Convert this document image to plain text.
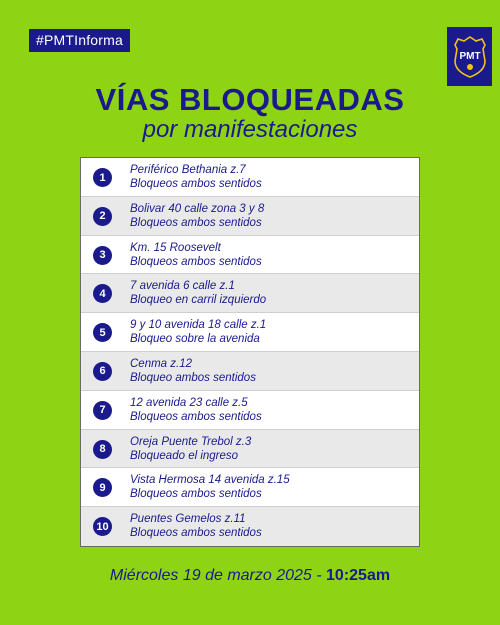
#PMTInforma
PMT
VÍAS BLOQUEADAS
por manifestaciones
1
Periférico Bethania z.7
Bloqueos ambos sentidos
2
Bolivar 40 calle zona 3 y 8
Bloqueos ambos sentidos
3
Km. 15 Roosevelt
Bloqueos ambos sentidos
4
7 avenida 6 calle z.1
Bloqueo en carril izquierdo
5
9 y 10 avenida 18 calle z.1
Bloqueo sobre la avenida
6
Cenma z.12
Bloqueo ambos sentidos
7
12 avenida 23 calle z.5
Bloqueos ambos sentidos
8
Oreja Puente Trebol z.3
Bloqueado el ingreso
9
Vista Hermosa 14 avenida z.15
Bloqueos ambos sentidos
10
Puentes Gemelos z.11
Bloqueos ambos sentidos
Miércoles 19 de marzo 2025 - 10:25am
